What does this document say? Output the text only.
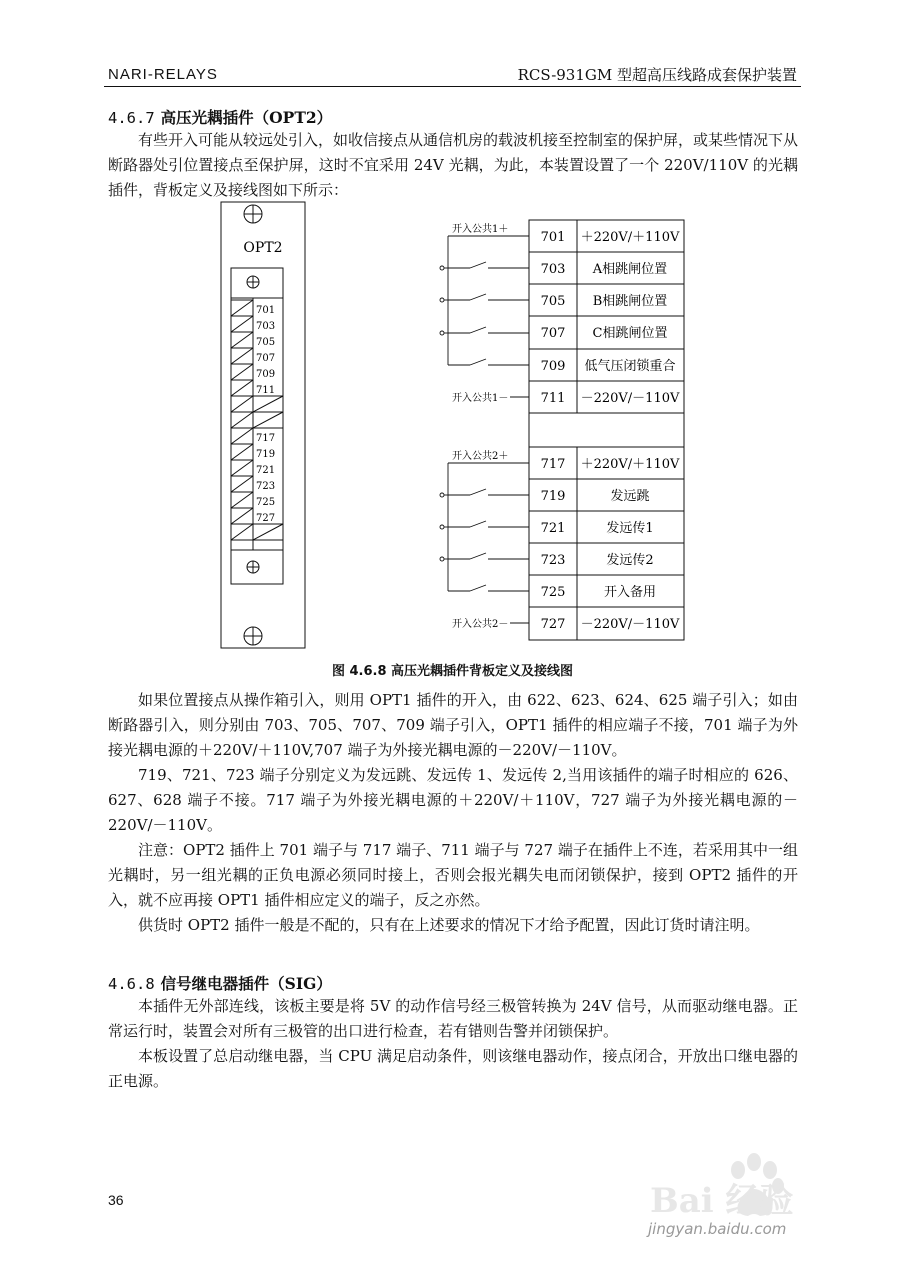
NARI-RELAYS	RCS-931GM 型超高压线路成套保护装置
4.6.7 高压光耦插件（OPT2）

有些开入可能从较远处引入，如收信接点从通信机房的载波机接至控制室的保护屏，或某些情况下从断路器处引位置接点至保护屏，这时不宜采用 24V 光耦，为此，本装置设置了一个 220V/110V 的光耦插件，背板定义及接线图如下所示：

OPT2
701
703
705
707
709
711
717
719
721
723
725
727
701 ＋220V/＋110V
703 A相跳闸位置
705 B相跳闸位置
707 C相跳闸位置
709 低气压闭锁重合
711 －220V/－110V
717 ＋220V/＋110V
719	发远跳
721	发远传1
723	发远传2
725	开入备用
727 －220V/－110V
开入公共1＋
开入公共1－
开入公共2＋
开入公共2－
图 4.6.8 高压光耦插件背板定义及接线图

如果位置接点从操作箱引入，则用 OPT1 插件的开入，由 622、623、624、625 端子引入；如由断路器引入，则分别由 703、705、707、709 端子引入，OPT1 插件的相应端子不接，701 端子为外接光耦电源的＋220V/＋110V,707 端子为外接光耦电源的－220V/－110V。

719、721、723 端子分别定义为发远跳、发远传 1、发远传 2,当用该插件的端子时相应的 626、627、628 端子不接。717 端子为外接光耦电源的＋220V/＋110V，727 端子为外接光耦电源的－220V/－110V。

注意：OPT2 插件上 701 端子与 717 端子、711 端子与 727 端子在插件上不连，若采用其中一组光耦时，另一组光耦的正负电源必须同时接上，否则会报光耦失电而闭锁保护，接到 OPT2 插件的开入，就不应再接 OPT1 插件相应定义的端子，反之亦然。

供货时 OPT2 插件一般是不配的，只有在上述要求的情况下才给予配置，因此订货时请注明。

4.6.8 信号继电器插件（SIG）

本插件无外部连线，该板主要是将 5V 的动作信号经三极管转换为 24V 信号，从而驱动继电器。正常运行时，装置会对所有三极管的出口进行检查，若有错则告警并闭锁保护。

本板设置了总启动继电器，当 CPU 满足启动条件，则该继电器动作，接点闭合，开放出口继电器的正电源。

36	Bai 经验
jingyan.baidu.com
